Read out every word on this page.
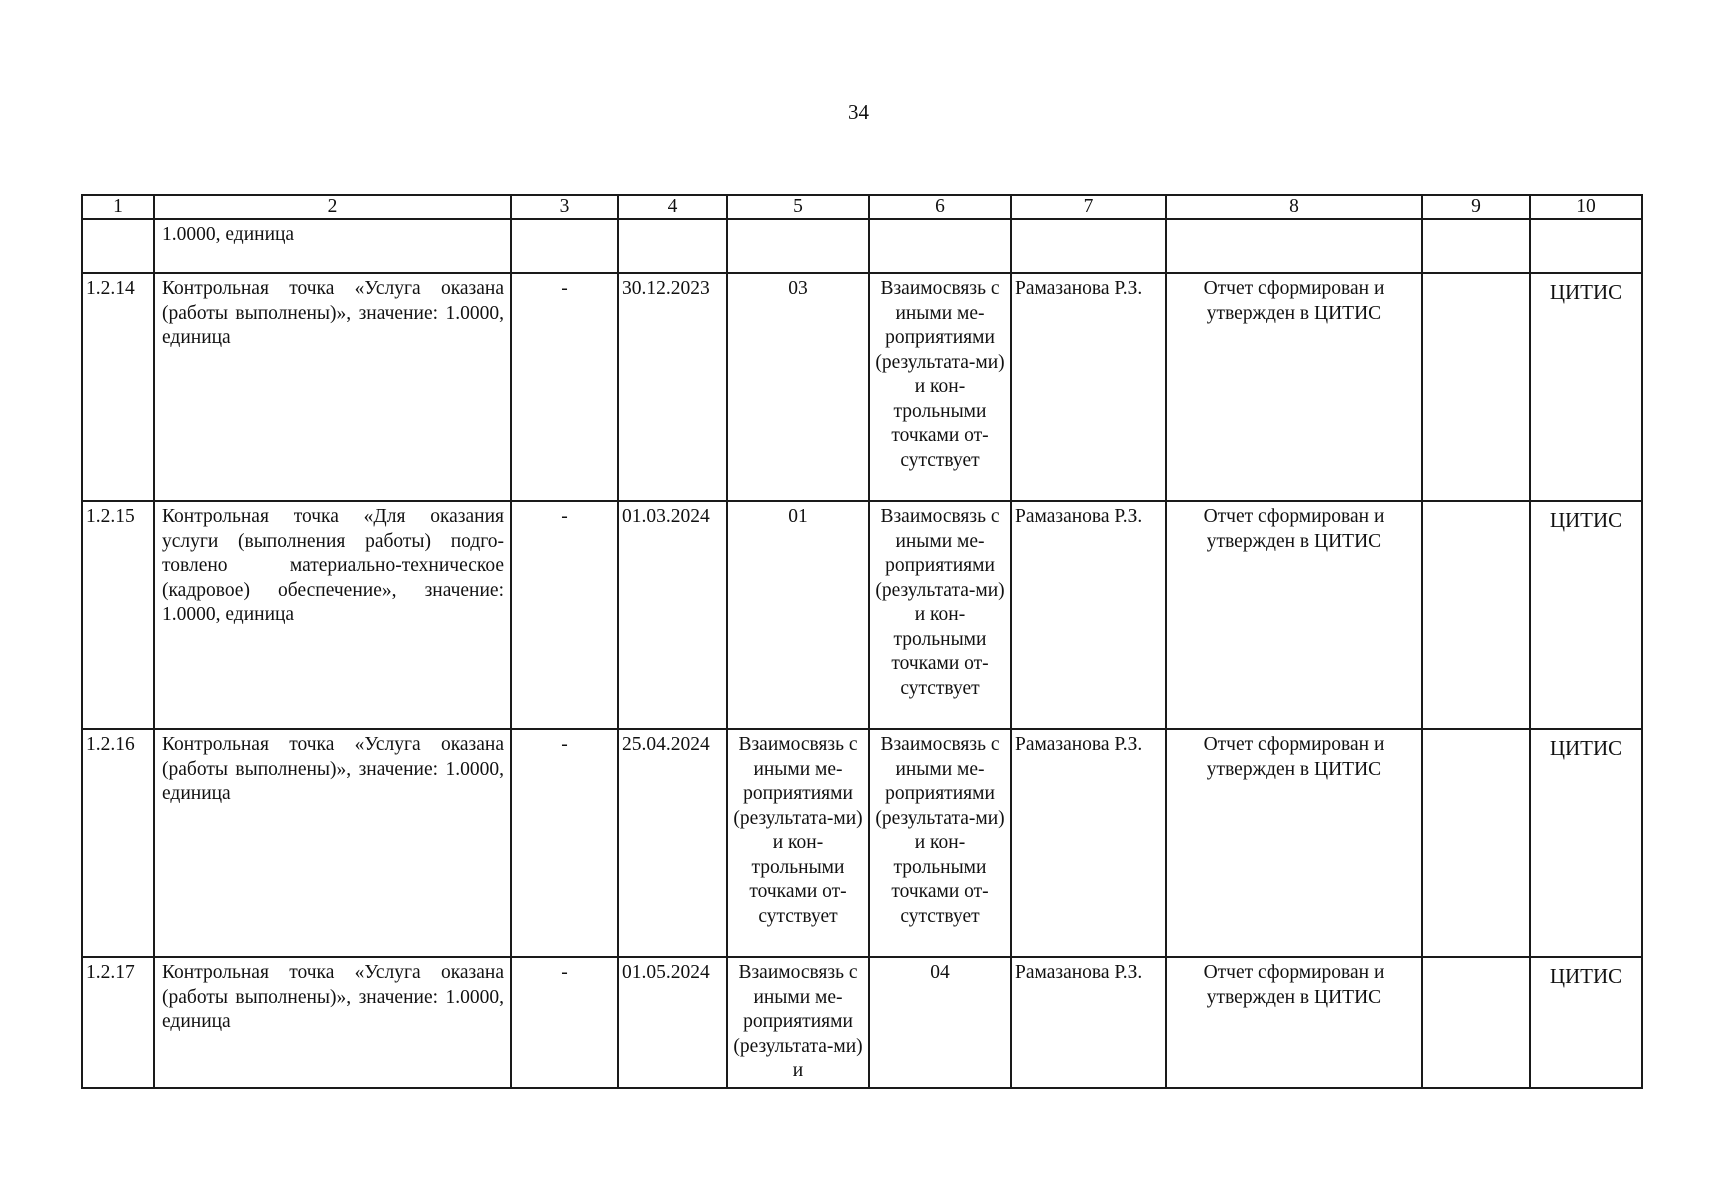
34
1	2	3	4	5	6	7	8	9	10
	1.0000, единица								
1.2.14	Контрольная точка «Услуга оказана (работы выполнены)», значение: 1.0000, единица	-	30.12.2023	03	Взаимосвязь с иными ме-роприятиями (результата-ми) и кон-трольными точками от-сутствует	Рамазанова Р.З.	Отчет сформирован и утвержден в ЦИТИС		ЦИТИС
1.2.15	Контрольная точка «Для оказания услуги (выполнения работы) подго-товлено материально-техническое (кадровое) обеспечение», значение: 1.0000, единица	-	01.03.2024	01	Взаимосвязь с иными ме-роприятиями (результата-ми) и кон-трольными точками от-сутствует	Рамазанова Р.З.	Отчет сформирован и утвержден в ЦИТИС		ЦИТИС
1.2.16	Контрольная точка «Услуга оказана (работы выполнены)», значение: 1.0000, единица	-	25.04.2024	Взаимосвязь с иными ме-роприятиями (результата-ми) и кон-трольными точками от-сутствует	Взаимосвязь с иными ме-роприятиями (результата-ми) и кон-трольными точками от-сутствует	Рамазанова Р.З.	Отчет сформирован и утвержден в ЦИТИС		ЦИТИС
1.2.17	Контрольная точка «Услуга оказана (работы выполнены)», значение: 1.0000, единица	-	01.05.2024	Взаимосвязь с иными ме-роприятиями (результата-ми) и	04	Рамазанова Р.З.	Отчет сформирован и утвержден в ЦИТИС		ЦИТИС
